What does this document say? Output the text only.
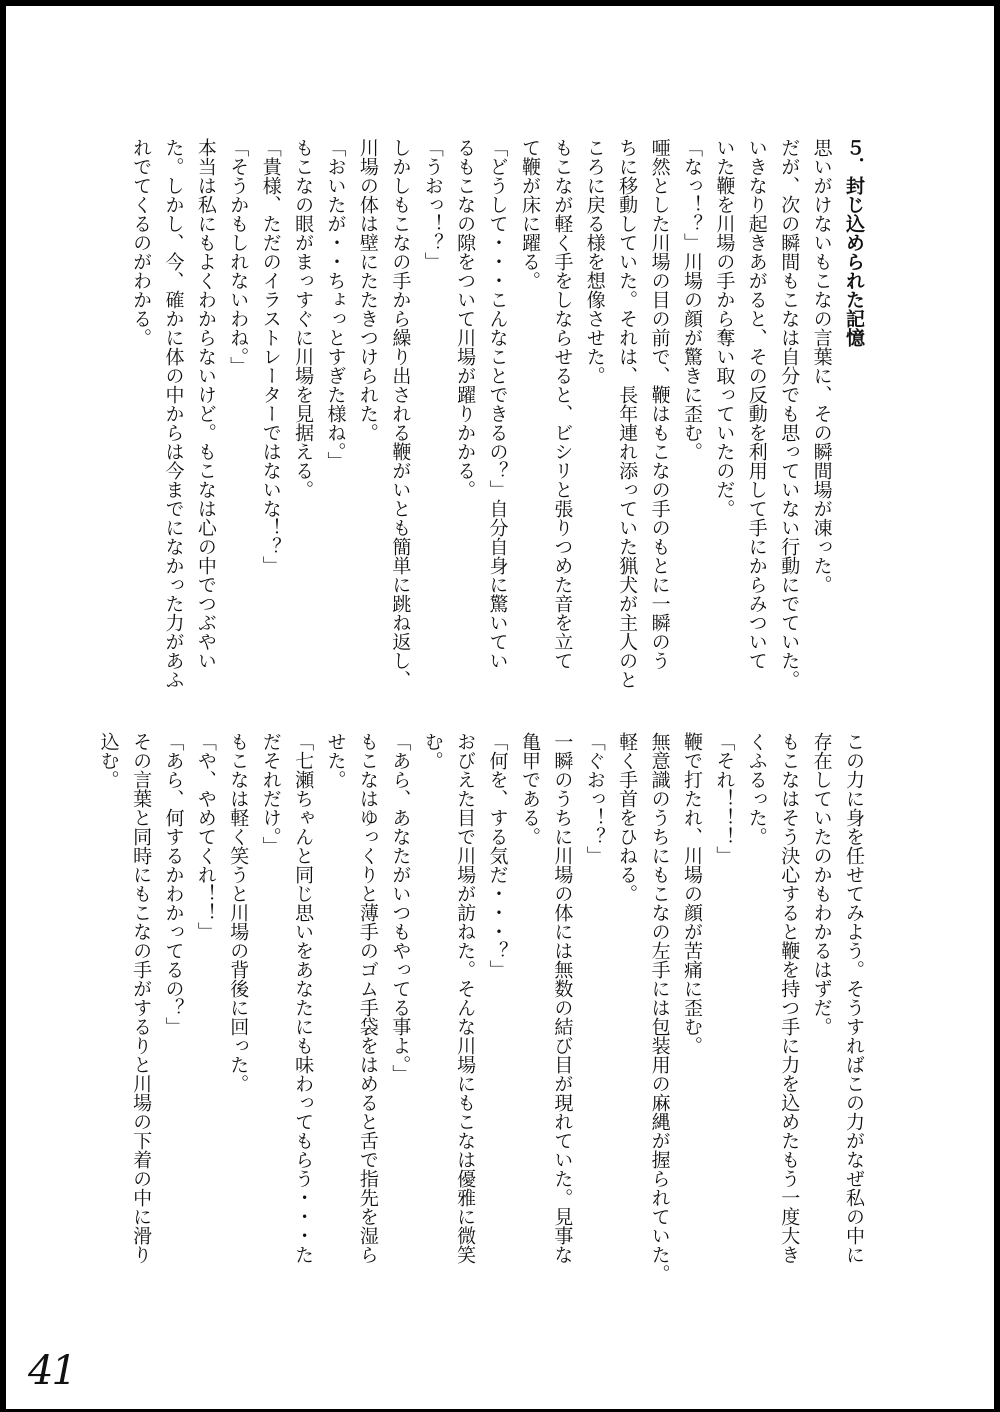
５．封じ込められた記憶

思いがけないもこなの言葉に、その瞬間場が凍った。

だが、次の瞬間もこなは自分でも思っていない行動にでていた。

いきなり起きあがると、その反動を利用して手にからみついて

いた鞭を川場の手から奪い取っていたのだ。

「なっ！？」川場の顔が驚きに歪む。

唖然とした川場の目の前で、鞭はもこなの手のもとに一瞬のう

ちに移動していた。それは、長年連れ添っていた猟犬が主人のと

ころに戻る様を想像させた。

もこなが軽く手をしならせると、ビシリと張りつめた音を立て

て鞭が床に躍る。

「どうして・・・こんなことできるの？」自分自身に驚いてい

るもこなの隙をついて川場が躍りかかる。

「うおっ！？」

しかしもこなの手から繰り出される鞭がいとも簡単に跳ね返し、

川場の体は壁にたたきつけられた。

「おいたが・・ちょっとすぎた様ね。」

もこなの眼がまっすぐに川場を見据える。

「貴様、ただのイラストレーターではないな！？」

「そうかもしれないわね。」

本当は私にもよくわからないけど。もこなは心の中でつぶやい

た。しかし、今、確かに体の中からは今までになかった力があふ

れでてくるのがわかる。

この力に身を任せてみよう。そうすればこの力がなぜ私の中に

存在していたのかもわかるはずだ。

もこなはそう決心すると鞭を持つ手に力を込めたもう一度大き

くふるった。

「それ！！！」

鞭で打たれ、川場の顔が苦痛に歪む。

無意識のうちにもこなの左手には包装用の麻縄が握られていた。

軽く手首をひねる。

「ぐおっ！？」

一瞬のうちに川場の体には無数の結び目が現れていた。見事な

亀甲である。

「何を、する気だ・・・？」

おびえた目で川場が訪ねた。そんな川場にもこなは優雅に微笑

む。

「あら、あなたがいつもやってる事よ。」

もこなはゆっくりと薄手のゴム手袋をはめると舌で指先を湿ら

せた。

「七瀬ちゃんと同じ思いをあなたにも味わってもらう・・・た

だそれだけ。」

もこなは軽く笑うと川場の背後に回った。

「や、やめてくれ！！」

「あら、何するかわかってるの？」

その言葉と同時にもこなの手がするりと川場の下着の中に滑り

込む。

41
